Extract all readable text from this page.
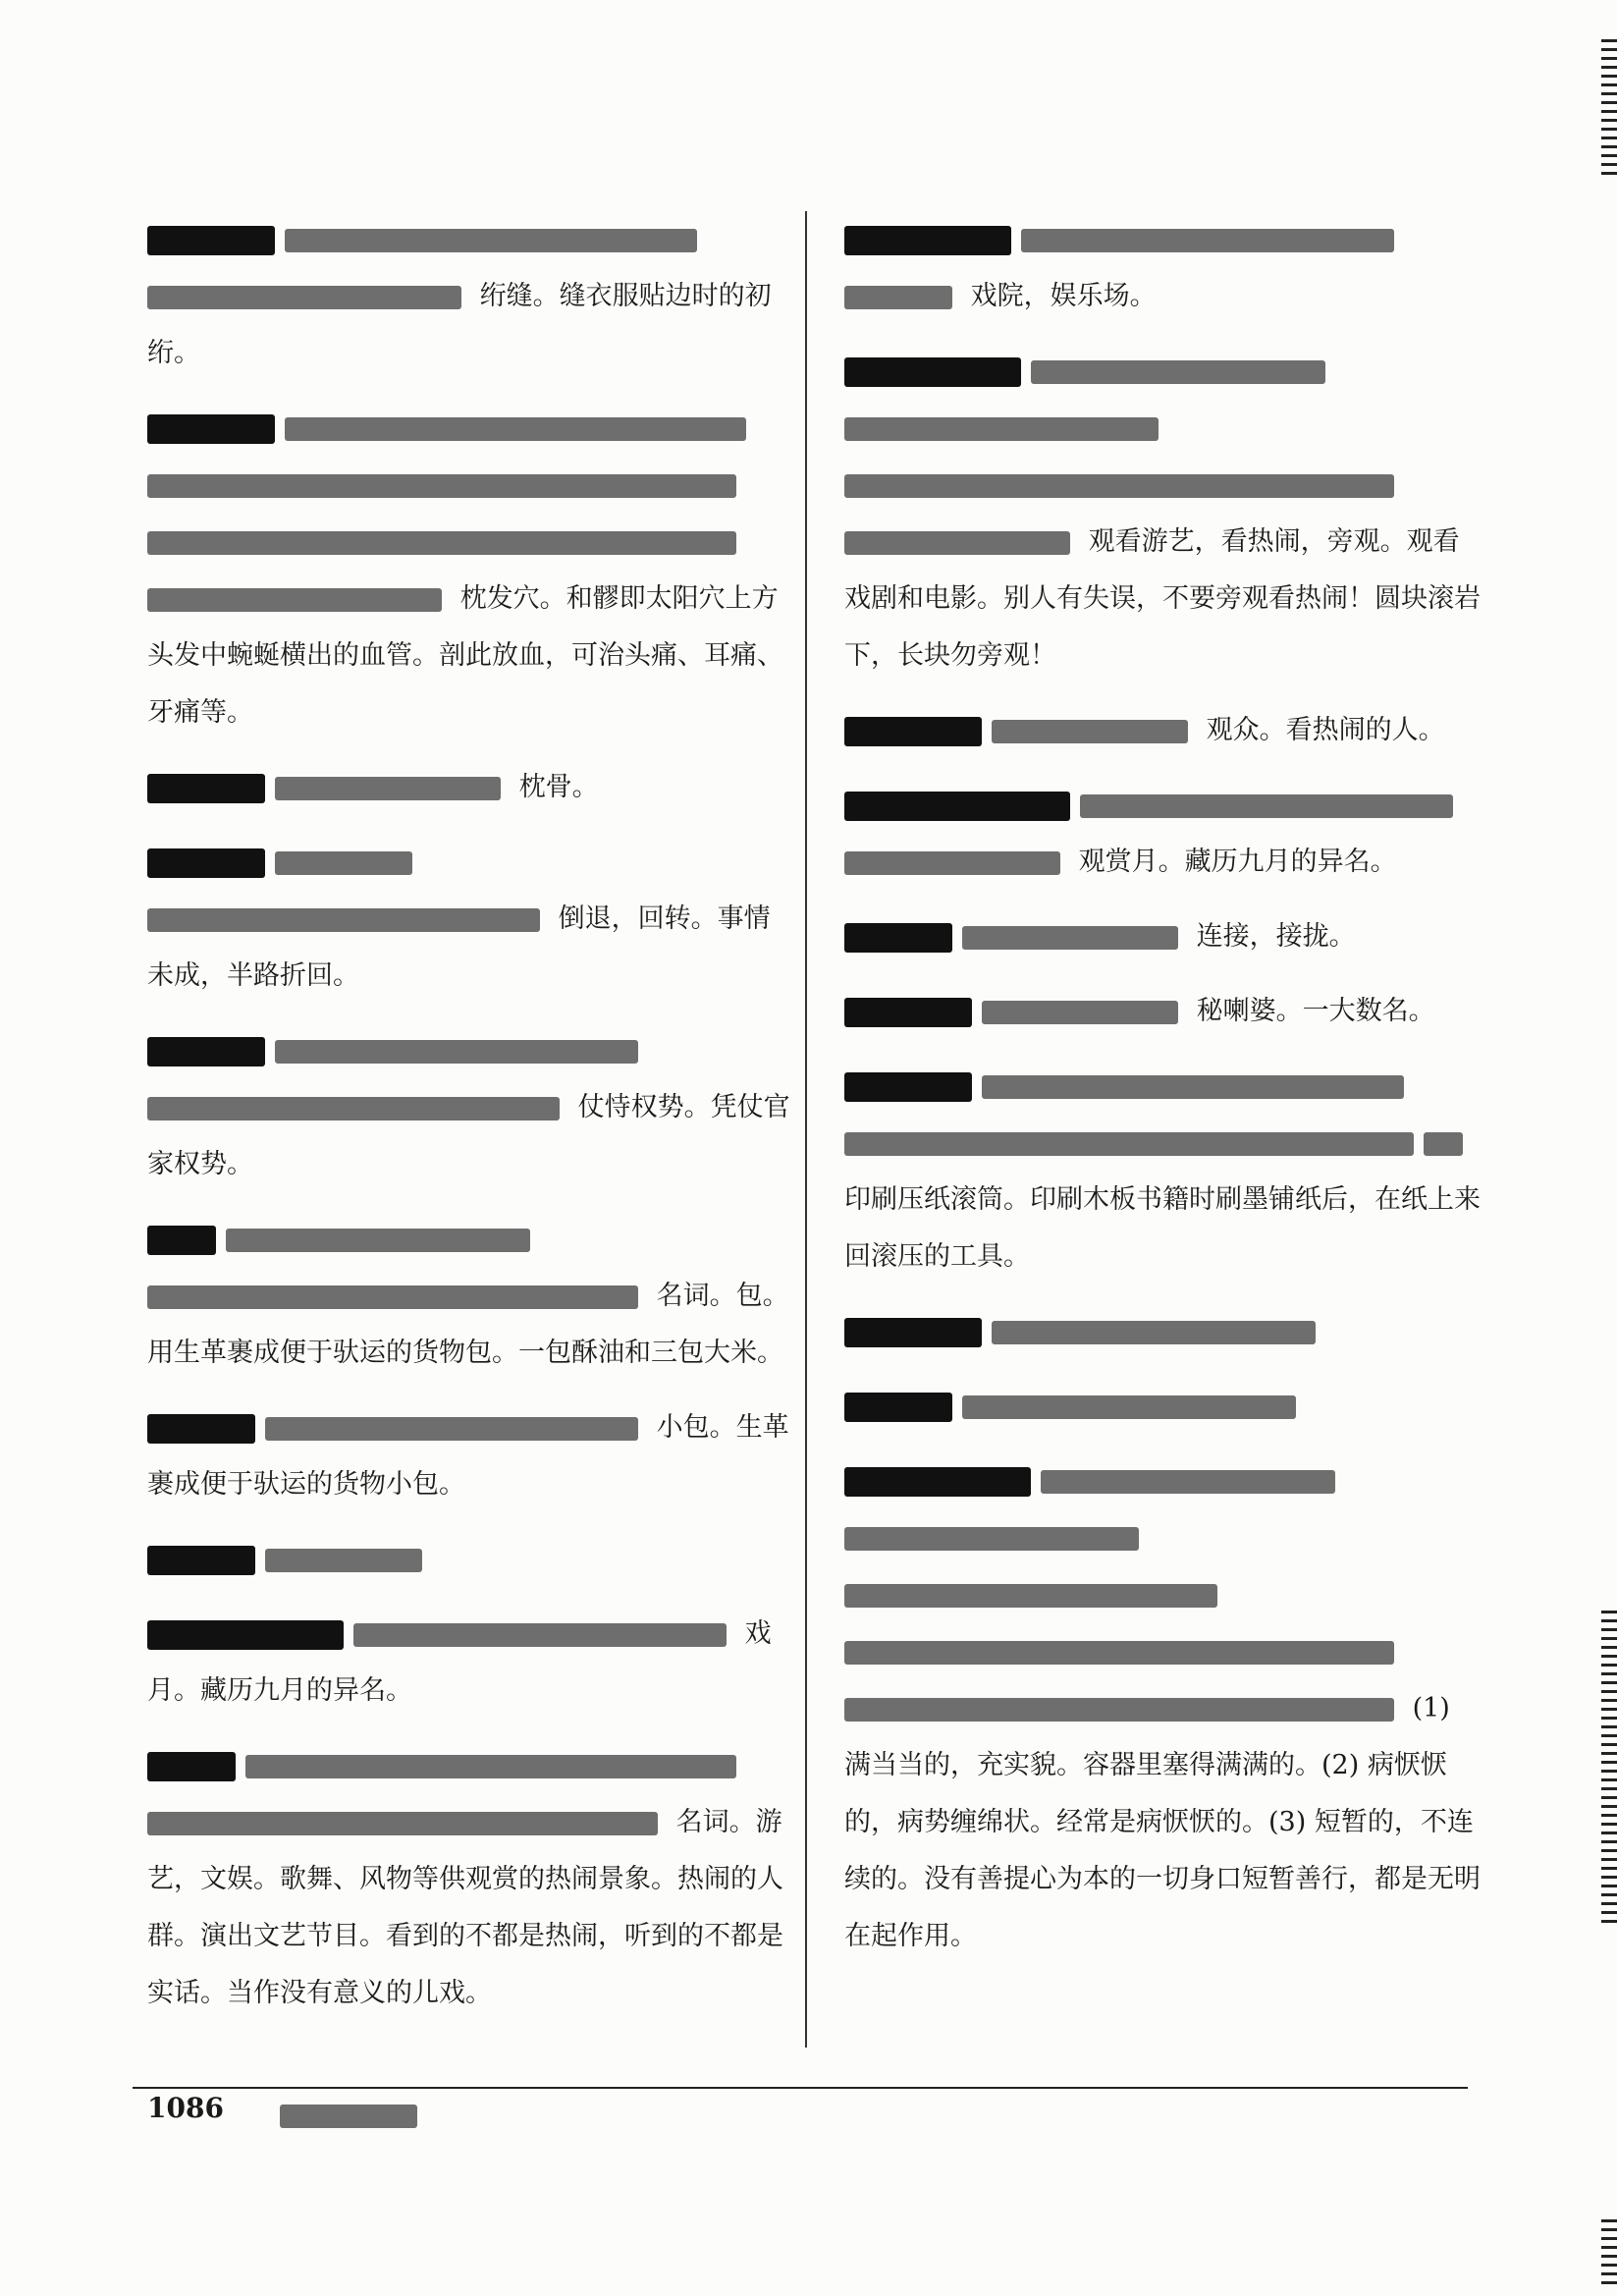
绗缝。缝衣服贴边时的初绗。
枕发穴。和髎即太阳穴上方头发中蜿蜒横出的血管。剖此放血，可治头痛、耳痛、牙痛等。
枕骨。
倒退，回转。事情未成，半路折回。
仗恃权势。凭仗官家权势。
名词。包。用生革裹成便于驮运的货物包。一包酥油和三包大米。
小包。生革裹成便于驮运的货物小包。
戏月。藏历九月的异名。
名词。游艺，文娱。歌舞、风物等供观赏的热闹景象。热闹的人群。演出文艺节目。看到的不都是热闹，听到的不都是实话。当作没有意义的儿戏。
戏院，娱乐场。
观看游艺，看热闹，旁观。观看戏剧和电影。别人有失误，不要旁观看热闹！圆块滚岩下，长块勿旁观！
观众。看热闹的人。
观赏月。藏历九月的异名。
连接，接拢。
秘喇婆。一大数名。
印刷压纸滚筒。印刷木板书籍时刷墨铺纸后，在纸上来回滚压的工具。
(1) 满当当的，充实貌。容器里塞得满满的。(2) 病恹恹的，病势缠绵状。经常是病恹恹的。(3) 短暂的，不连续的。没有善提心为本的一切身口短暂善行，都是无明在起作用。
1086
